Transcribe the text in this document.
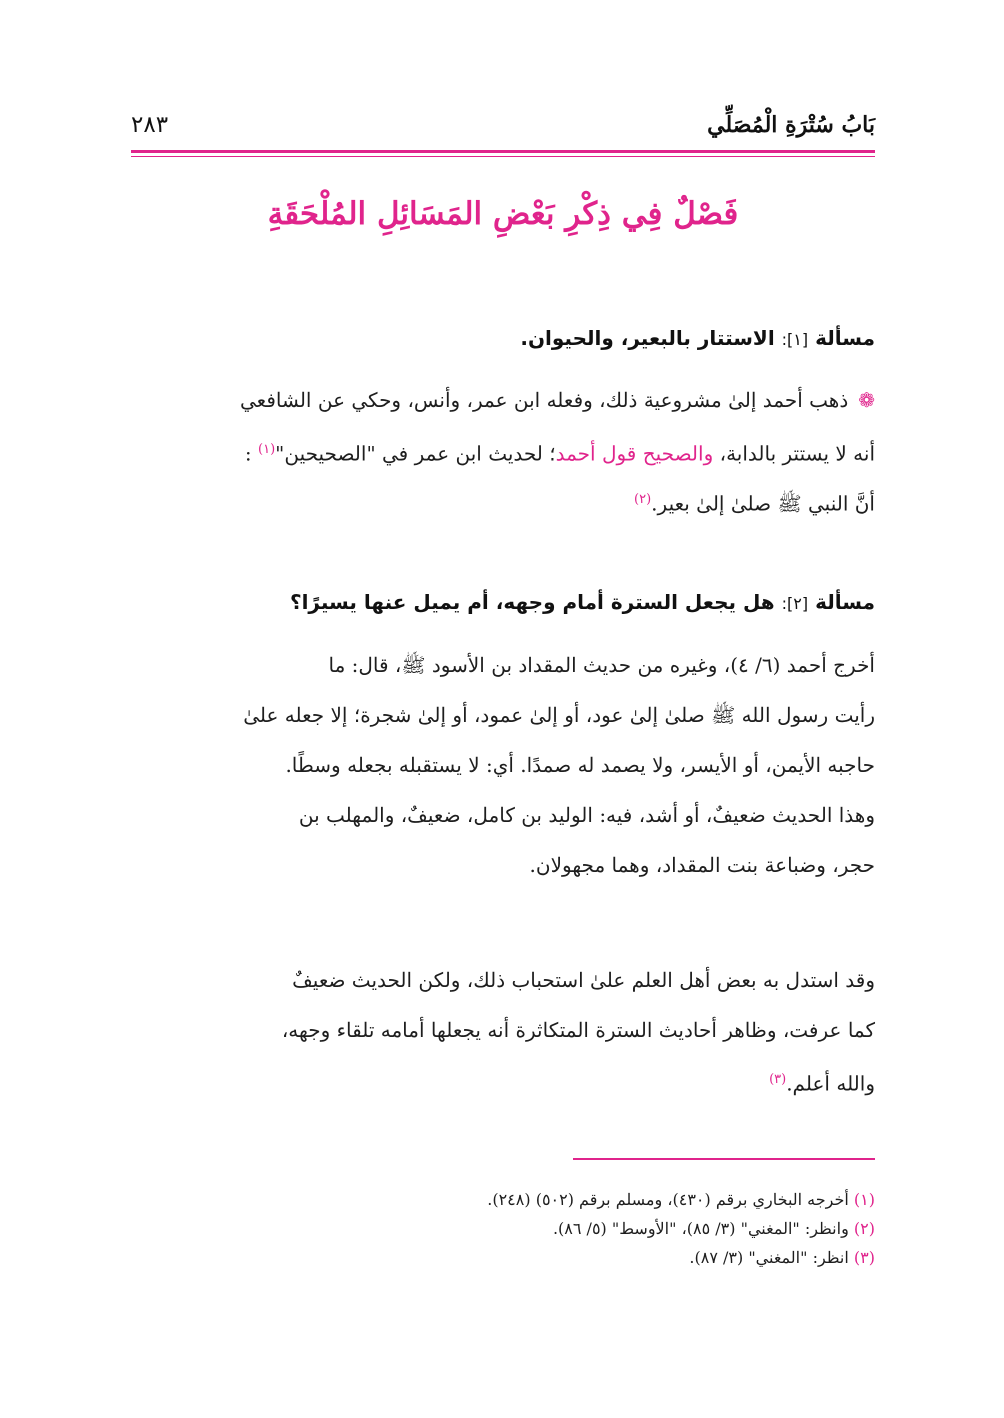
بَابُ سُتْرَةِ الْمُصَلِّي
٢٨٣
فَصْلٌ فِي ذِكْرِ بَعْضِ المَسَائِلِ المُلْحَقَةِ
مسألة [١]: الاستتار بالبعير، والحيوان.
❁ذهب أحمد إلىٰ مشروعية ذلك، وفعله ابن عمر، وأنس، وحكي عن الشافعي
أنه لا يستتر بالدابة، والصحيح قول أحمد؛ لحديث ابن عمر في "الصحيحين"$^{(١)}$ :
أنَّ النبي ﷺ صلىٰ إلىٰ بعير.$^{(٢)}$
مسألة [٢]: هل يجعل السترة أمام وجهه، أم يميل عنها يسيرًا؟
أخرج أحمد (٦/ ٤)، وغيره من حديث المقداد بن الأسود ﷺ، قال: ما
رأيت رسول الله ﷺ صلىٰ إلىٰ عود، أو إلىٰ عمود، أو إلىٰ شجرة؛ إلا جعله علىٰ
حاجبه الأيمن، أو الأيسر، ولا يصمد له صمدًا. أي: لا يستقبله بجعله وسطًا.
وهذا الحديث ضعيفٌ، أو أشد، فيه: الوليد بن كامل، ضعيفٌ، والمهلب بن
حجر، وضباعة بنت المقداد، وهما مجهولان.
وقد استدل به بعض أهل العلم علىٰ استحباب ذلك، ولكن الحديث ضعيفٌ
كما عرفت، وظاهر أحاديث السترة المتكاثرة أنه يجعلها أمامه تلقاء وجهه،
والله أعلم.$^{(٣)}$
(١) أخرجه البخاري برقم (٤٣٠)، ومسلم برقم (٥٠٢) (٢٤٨).
(٢) وانظر: "المغني" (٣/ ٨٥)، "الأوسط" (٥/ ٨٦).
(٣) انظر: "المغني" (٣/ ٨٧).
